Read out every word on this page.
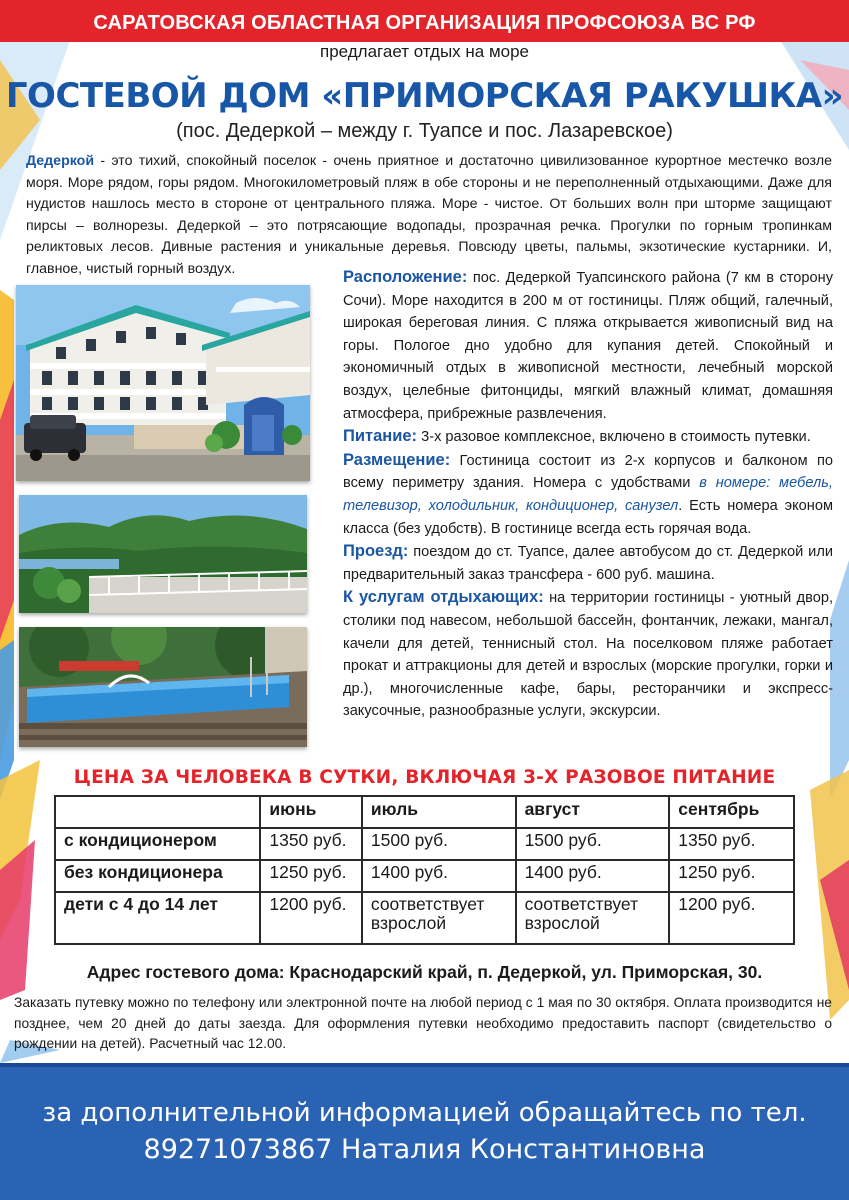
САРАТОВСКАЯ ОБЛАСТНАЯ ОРГАНИЗАЦИЯ ПРОФСОЮЗА ВС РФ
предлагает отдых на море
ГОСТЕВОЙ ДОМ «ПРИМОРСКАЯ РАКУШКА»
(пос. Дедеркой – между г. Туапсе и пос. Лазаревское)
Дедеркой - это тихий, спокойный поселок - очень приятное и достаточно цивилизованное курортное местечко возле моря. Море рядом, горы рядом. Многокилометровый пляж в обе стороны и не переполненный отдыхающими. Даже для нудистов нашлось место в стороне от центрального пляжа. Море - чистое. От больших волн при шторме защищают пирсы – волнорезы. Дедеркой – это потрясающие водопады, прозрачная речка. Прогулки по горным тропинкам реликтовых лесов. Дивные растения и уникальные деревья. Повсюду цветы, пальмы, экзотические кустарники. И, главное, чистый горный воздух.	Расположение: пос. Дедеркой Туапсинского района (7 км в сторону Сочи). Море находится в 200 м от гостиницы. Пляж общий, галечный, широкая береговая линия. С пляжа открывается живописный вид на горы. Пологое дно удобно для купания детей. Спокойный и экономичный отдых в живописной местности, лечебный морской воздух, целебные фитонциды, мягкий влажный климат, домашняя атмосфера, прибрежные развлечения.

Питание: 3-х разовое комплексное, включено в стоимость путевки.

Размещение: Гостиница состоит из 2-х корпусов и балконом по всему периметру здания. Номера с удобствами в номере: мебель, телевизор, холодильник, кондиционер, санузел. Есть номера эконом класса (без удобств). В гостинице всегда есть горячая вода.

Проезд: поездом до ст. Туапсе, далее автобусом до ст. Дедеркой или предварительный заказ трансфера - 600 руб. машина.

К услугам отдыхающих: на территории гостиницы - уютный двор, столики под навесом, небольшой бассейн, фонтанчик, лежаки, мангал, качели для детей, теннисный стол. На поселковом пляже работает прокат и аттракционы для детей и взрослых (морские прогулки, горки и др.), многочисленные кафе, бары, ресторанчики и экспресс-закусочные, разнообразные услуги, экскурсии.

ЦЕНА ЗА ЧЕЛОВЕКА В СУТКИ, ВКЛЮЧАЯ 3-Х РАЗОВОЕ ПИТАНИЕ
	июнь	июль	август	сентябрь
с кондиционером	1350 руб.	1500 руб.	1500 руб.	1350 руб.
без кондиционера	1250 руб.	1400 руб.	1400 руб.	1250 руб.
дети с 4 до 14 лет	1200 руб.	соответствует взрослой	соответствует взрослой	1200 руб.
Адрес гостевого дома: Краснодарский край, п. Дедеркой, ул. Приморская, 30.
Заказать путевку можно по телефону или электронной почте на любой период с 1 мая по 30 октября. Оплата производится не позднее, чем 20 дней до даты заезда. Для оформления путевки необходимо предоставить паспорт (свидетельство о рождении на детей). Расчетный час 12.00.
за дополнительной информацией обращайтесь по тел.
89271073867 Наталия Константиновна
